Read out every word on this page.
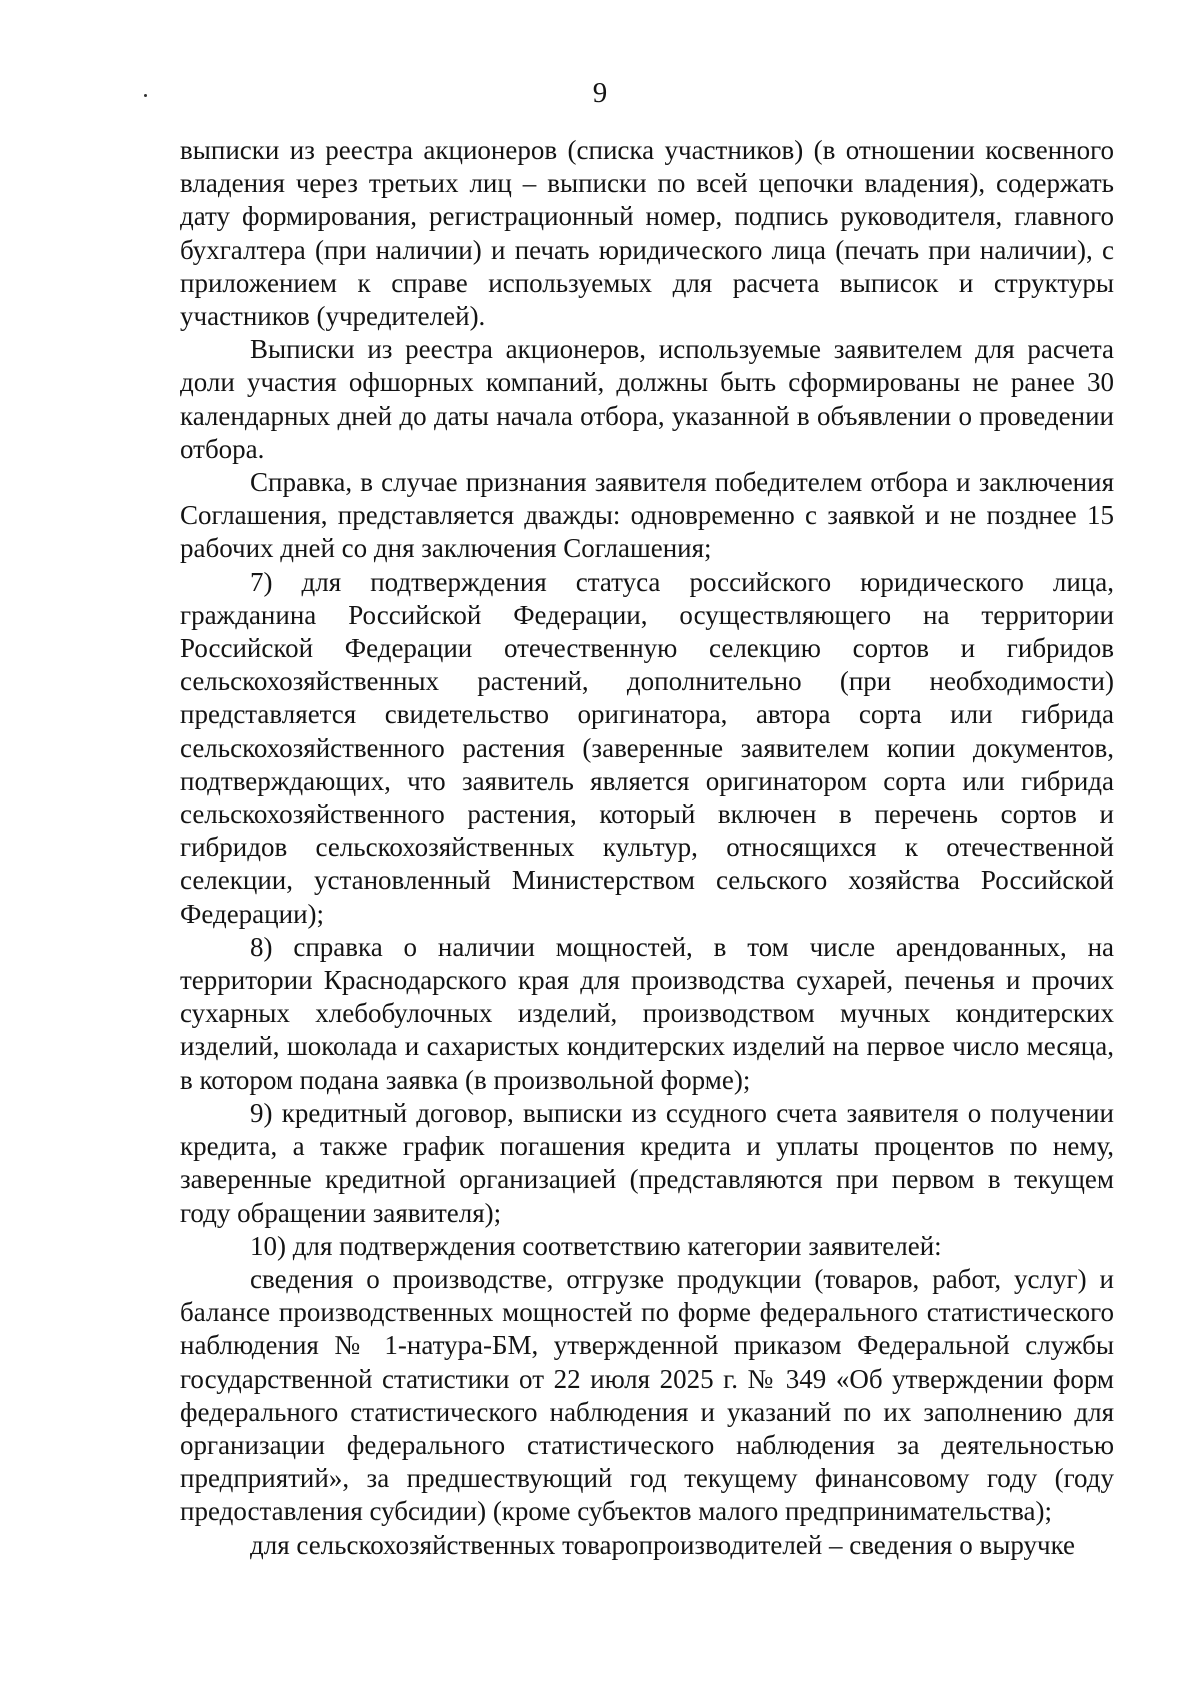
9

выписки из реестра акционеров (списка участников) (в отношении косвенного владения через третьих лиц – выписки по всей цепочки владения), содержать дату формирования, регистрационный номер, подпись руководителя, главного бухгалтера (при наличии) и печать юридического лица (печать при наличии), с приложением к справе используемых для расчета выписок и структуры участников (учредителей).

Выписки из реестра акционеров, используемые заявителем для расчета доли участия офшорных компаний, должны быть сформированы не ранее 30 календарных дней до даты начала отбора, указанной в объявлении о проведении отбора.

Справка, в случае признания заявителя победителем отбора и заключения Соглашения, представляется дважды: одновременно с заявкой и не позднее 15 рабочих дней со дня заключения Соглашения;

7) для подтверждения статуса российского юридического лица, гражданина Российской Федерации, осуществляющего на территории Российской Федерации отечественную селекцию сортов и гибридов сельскохозяйственных растений, дополнительно (при необходимости) представляется свидетельство оригинатора, автора сорта или гибрида сельскохозяйственного растения (заверенные заявителем копии документов, подтверждающих, что заявитель является оригинатором сорта или гибрида сельскохозяйственного растения, который включен в перечень сортов и гибридов сельскохозяйственных культур, относящихся к отечественной селекции, установленный Министерством сельского хозяйства Российской Федерации);

8) справка о наличии мощностей, в том числе арендованных, на территории Краснодарского края для производства сухарей, печенья и прочих сухарных хлебобулочных изделий, производством мучных кондитерских изделий, шоколада и сахаристых кондитерских изделий на первое число месяца, в котором подана заявка (в произвольной форме);

9) кредитный договор, выписки из ссудного счета заявителя о получении кредита, а также график погашения кредита и уплаты процентов по нему, заверенные кредитной организацией (представляются при первом в текущем году обращении заявителя);

10) для подтверждения соответствию категории заявителей:

сведения о производстве, отгрузке продукции (товаров, работ, услуг) и балансе производственных мощностей по форме федерального статистического наблюдения № 1-натура-БМ, утвержденной приказом Федеральной службы государственной статистики от 22 июля 2025 г. № 349 «Об утверждении форм федерального статистического наблюдения и указаний по их заполнению для организации федерального статистического наблюдения за деятельностью предприятий», за предшествующий год текущему финансовому году (году предоставления субсидии) (кроме субъектов малого предпринимательства);

для сельскохозяйственных товаропроизводителей – сведения о выручке
